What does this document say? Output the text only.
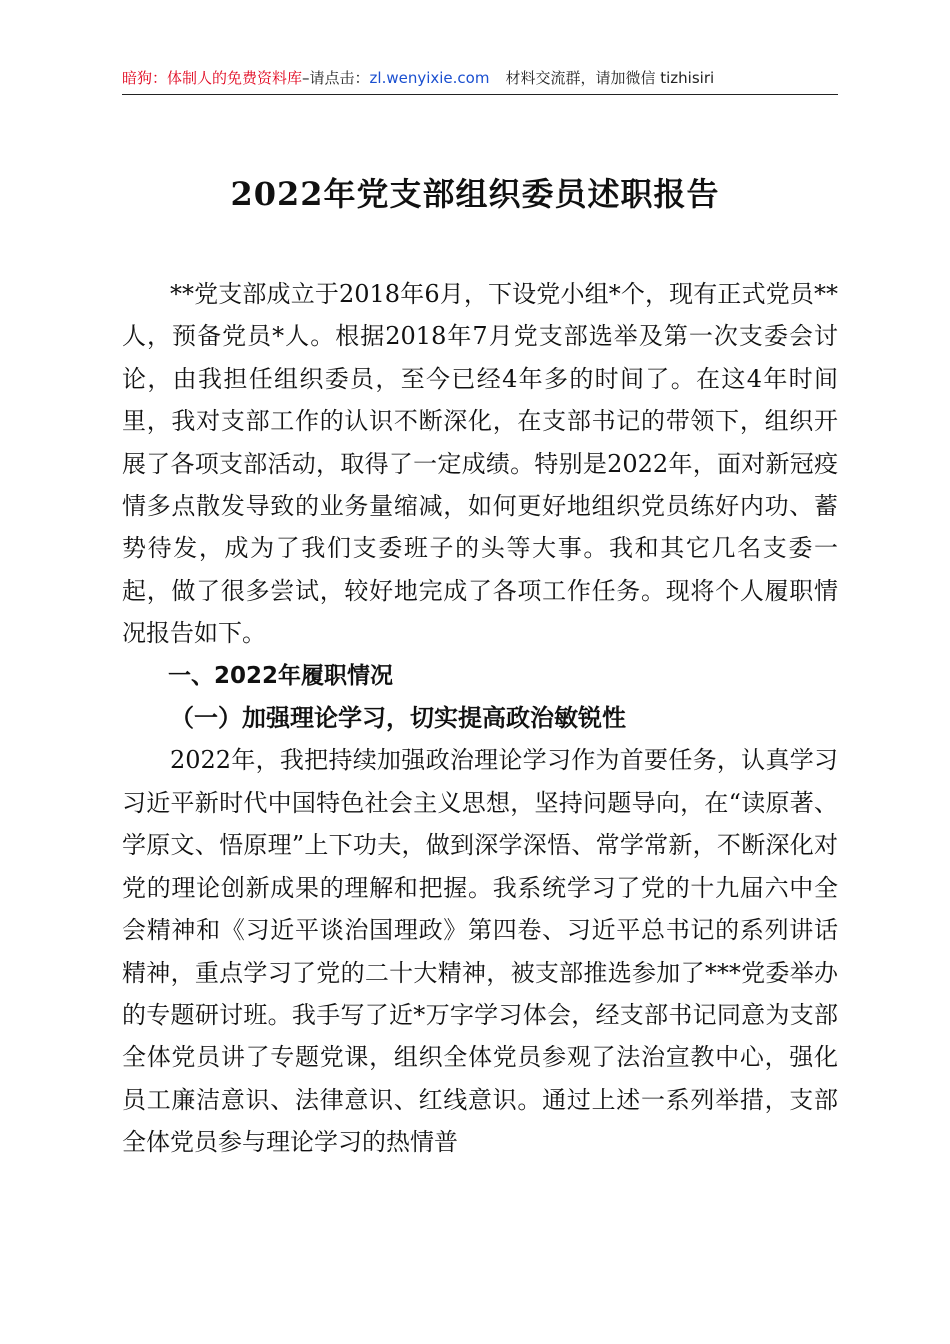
暗狗：体制人的免费资料库–请点击：zl.wenyixie.com 材料交流群，请加微信 tizhisiri
2022年党支部组织委员述职报告

**党支部成立于2018年6月，下设党小组*个，现有正式党员**人，预备党员*人。根据2018年7月党支部选举及第一次支委会讨论，由我担任组织委员，至今已经4年多的时间了。在这4年时间里，我对支部工作的认识不断深化，在支部书记的带领下，组织开展了各项支部活动，取得了一定成绩。特别是2022年，面对新冠疫情多点散发导致的业务量缩减，如何更好地组织党员练好内功、蓄势待发，成为了我们支委班子的头等大事。我和其它几名支委一起，做了很多尝试，较好地完成了各项工作任务。现将个人履职情况报告如下。

一、2022年履职情况

（一）加强理论学习，切实提高政治敏锐性

2022年，我把持续加强政治理论学习作为首要任务，认真学习习近平新时代中国特色社会主义思想，坚持问题导向，在“读原著、学原文、悟原理”上下功夫，做到深学深悟、常学常新，不断深化对党的理论创新成果的理解和把握。我系统学习了党的十九届六中全会精神和《习近平谈治国理政》第四卷、习近平总书记的系列讲话精神，重点学习了党的二十大精神，被支部推选参加了***党委举办的专题研讨班。我手写了近*万字学习体会，经支部书记同意为支部全体党员讲了专题党课，组织全体党员参观了法治宣教中心，强化员工廉洁意识、法律意识、红线意识。通过上述一系列举措，支部全体党员参与理论学习的热情普
